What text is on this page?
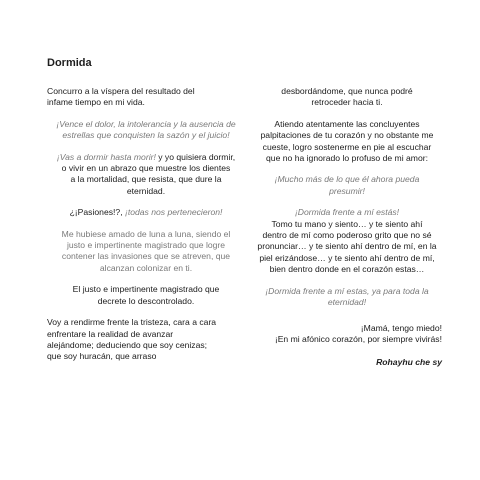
Dormida
Concurro a la víspera del resultado del
infame tiempo en mi vida.
¡Vence el dolor, la intolerancia y la ausencia de
estrellas que conquisten la sazón y el juicio!
¡Vas a dormir hasta morir! y yo quisiera dormir,
o vivir en un abrazo que muestre los dientes
a la mortalidad, que resista, que dure la
eternidad.
¿¡Pasiones!?, ¡todas nos pertenecieron!
Me hubiese amado de luna a luna, siendo el
justo e impertinente magistrado que logre
contener las invasiones que se atreven, que
alcanzan colonizar en ti.
El justo e impertinente magistrado que
decrete lo descontrolado.
Voy a rendirme frente la tristeza, cara a cara
enfrentare la realidad de avanzar
alejándome; deduciendo que soy cenizas;
que soy huracán, que arraso
desbordándome, que nunca podré
retroceder hacia ti.
Atiendo atentamente las concluyentes
palpitaciones de tu corazón y no obstante me
cueste, logro sostenerme en pie al escuchar
que no ha ignorado lo profuso de mi amor:
¡Mucho más de lo que él ahora pueda
presumir!
¡Dormida frente a mí estás!
Tomo tu mano y siento… y te siento ahí
dentro de mí como poderoso grito que no sé
pronunciar… y te siento ahí dentro de mí, en la
piel erizándose… y te siento ahí dentro de mí,
bien dentro donde en el corazón estas…
¡Dormida frente a mí estas, ya para toda la
eternidad!
¡Mamá, tengo miedo!
¡En mi afónico corazón, por siempre vivirás!
Rohayhu che sy
